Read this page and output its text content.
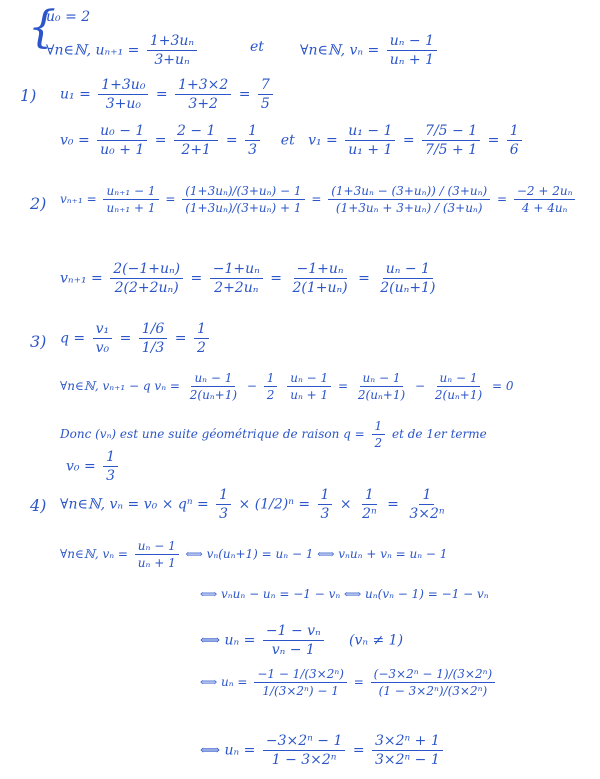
{
u₀ = 2
∀n∈ℕ, $u_{n+1} = \frac{\text{1+3uₙ}}{\text{3+uₙ}}$	et	∀n∈ℕ, $v_n = \frac{\text{uₙ − 1}}{\text{uₙ + 1}}$
1) $u_1 = \frac{\text{1+3u₀}}{\text{3+u₀}} = \frac{1+3\times 2}{3+2} = \frac{7}{5}$
$v_0 = \frac{\text{u₀ − 1}}{\text{u₀ + 1}} = \frac{2 - 1}{2+1} = \frac{1}{3}$ et $v_1 = \frac{\text{u₁ − 1}}{\text{u₁ + 1}} = \frac{7/5 - 1}{7/5 + 1} = \frac{1}{6}$
2) $v_{n+1} = \frac{\text{uₙ₊₁ − 1}}{\text{uₙ₊₁ + 1}} = \frac{\text{(1+3uₙ)/(3+uₙ) − 1}}{\text{(1+3uₙ)/(3+uₙ) + 1}} = \frac{\text{(1+3uₙ − (3+uₙ)) / (3+uₙ)}}{\text{(1+3uₙ + 3+uₙ) / (3+uₙ)}} = \frac{\text{−2 + 2uₙ}}{\text{4 + 4uₙ}}$
$v_{n+1} = \frac{\text{2(−1+uₙ)}}{\text{2(2+2uₙ)}} = \frac{\text{−1+uₙ}}{\text{2+2uₙ}} = \frac{\text{−1+uₙ}}{\text{2(1+uₙ)}} = \frac{\text{uₙ − 1}}{\text{2(uₙ+1)}}$
3) $q = \frac{\text{v₁}}{\text{v₀}} = \frac{1/6}{1/3} = \frac{1}{2}$
∀n∈ℕ, vₙ₊₁ − q $v_n = \frac{\text{uₙ − 1}}{\text{2(uₙ+1)}} - \frac{1}{2}$
$\frac{\text{uₙ − 1}}{\text{uₙ + 1}} = \frac{\text{uₙ − 1}}{\text{2(uₙ+1)}} - \frac{\text{uₙ − 1}}{\text{2(uₙ+1)}} = 0$
Donc (vₙ) est une suite géométrique de raison $q = \frac{1}{2}$ et de 1er terme
$v_0 = \frac{1}{3}$
4) ∀n∈ℕ, $v_n = v_0 \times q^n = \frac{1}{3} \times (1/2)^n = \frac{1}{3} \times \frac{1}{\text{2ⁿ}} = \frac{1}{\text{3×2ⁿ}}$
∀n∈ℕ, $v_n = \frac{\text{uₙ − 1}}{\text{uₙ + 1}}$ ⟺ vₙ(uₙ+1) = uₙ − 1 ⟺ vₙuₙ + vₙ = uₙ − 1
⟺ vₙuₙ − uₙ = −1 − vₙ ⟺ uₙ(vₙ − 1) = −1 − vₙ
⟺ $u_n = \frac{\text{−1 − vₙ}}{\text{vₙ − 1}} (v_n \ne 1)$
⟺ $u_n = \frac{\text{−1 − 1/(3×2ⁿ)}}{\text{1/(3×2ⁿ) − 1}} = \frac{\text{(−3×2ⁿ − 1)/(3×2ⁿ)}}{\text{(1 − 3×2ⁿ)/(3×2ⁿ)}}$
⟺ $u_n = \frac{\text{−3×2ⁿ − 1}}{\text{1 − 3×2ⁿ}} = \frac{\text{3×2ⁿ + 1}}{\text{3×2ⁿ − 1}}$
